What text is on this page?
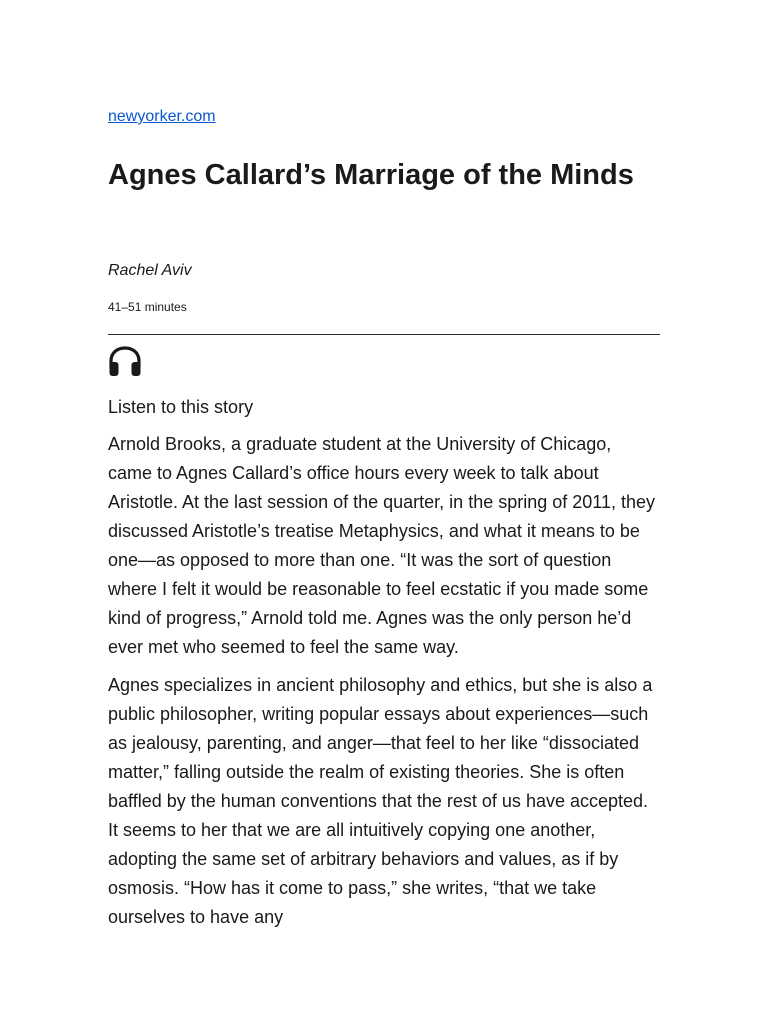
newyorker.com
Agnes Callard’s Marriage of the Minds
Rachel Aviv
41–51 minutes
Listen to this story

Arnold Brooks, a graduate student at the University of Chicago, came to Agnes Callard’s office hours every week to talk about Aristotle. At the last session of the quarter, in the spring of 2011, they discussed Aristotle’s treatise Metaphysics, and what it means to be one—as opposed to more than one. “It was the sort of question where I felt it would be reasonable to feel ecstatic if you made some kind of progress,” Arnold told me. Agnes was the only person he’d ever met who seemed to feel the same way.

Agnes specializes in ancient philosophy and ethics, but she is also a public philosopher, writing popular essays about experiences—such as jealousy, parenting, and anger—that feel to her like “dissociated matter,” falling outside the realm of existing theories. She is often baffled by the human conventions that the rest of us have accepted. It seems to her that we are all intuitively copying one another, adopting the same set of arbitrary behaviors and values, as if by osmosis. “How has it come to pass,” she writes, “that we take ourselves to have any
